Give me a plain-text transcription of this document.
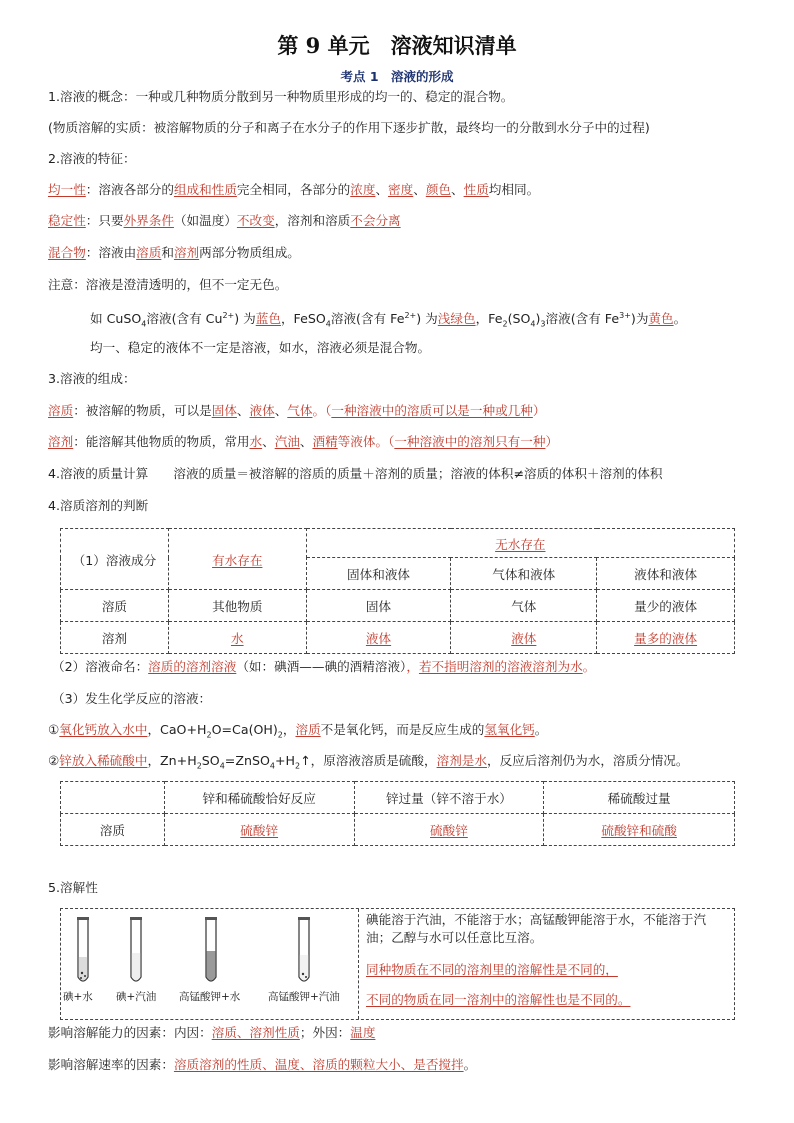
第 9 单元　溶液知识清单
考点 1　溶液的形成
1.溶液的概念：一种或几种物质分散到另一种物质里形成的均一的、稳定的混合物。
(物质溶解的实质：被溶解物质的分子和离子在水分子的作用下逐步扩散，最终均一的分散到水分子中的过程)
2.溶液的特征：
均一性：溶液各部分的组成和性质完全相同，各部分的浓度、密度、颜色、性质均相同。
稳定性：只要外界条件（如温度）不改变，溶剂和溶质不会分离
混合物：溶液由溶质和溶剂两部分物质组成。
注意：溶液是澄清透明的，但不一定无色。
如 CuSO$_4$溶液(含有 $Cu^{2+}$) 为蓝色，FeSO$_4$溶液(含有 $Fe^{2+}$) 为浅绿色，$Fe_2(SO_4)_3$溶液(含有 $Fe^{3+}$)为黄色。
均一、稳定的液体不一定是溶液，如水，溶液必须是混合物。
3.溶液的组成：
溶质：被溶解的物质，可以是固体、液体、气体。（一种溶液中的溶质可以是一种或几种）
溶剂：能溶解其他物质的物质，常用水、汽油、酒精等液体。（一种溶液中的溶剂只有一种）
4.溶液的质量计算　　溶液的质量＝被溶解的溶质的质量＋溶剂的质量；溶液的体积≠溶质的体积＋溶剂的体积
4.溶质溶剂的判断
（1）溶液成分	有水存在	无水存在		
		固体和液体	气体和液体	液体和液体
溶质	其他物质	固体	气体	量少的液体
溶剂	水	液体	液体	量多的液体
（2）溶液命名：溶质的溶剂溶液（如：碘酒——碘的酒精溶液），若不指明溶剂的溶液溶剂为水。
（3）发生化学反应的溶液：
①氧化钙放入水中，$CaO+H_2O=Ca(OH)_2$，溶质不是氧化钙，而是反应生成的氢氧化钙。
②锌放入稀硫酸中，$Zn+H_2SO_4=ZnSO_4+H_2↑$，原溶液溶质是硫酸，溶剂是水，反应后溶剂仍为水，溶质分情况。
	锌和稀硫酸恰好反应	锌过量（锌不溶于水）	稀硫酸过量
溶质	硫酸锌	硫酸锌	硫酸锌和硫酸
5.溶解性
碘+水 碘+汽油 高锰酸钾+水	高锰酸钾+汽油
碘能溶于汽油，不能溶于水；高锰酸钾能溶于水，不能溶于汽油；乙醇与水可以任意比互溶。
同种物质在不同的溶剂里的溶解性是不同的，
不同的物质在同一溶剂中的溶解性也是不同的。
影响溶解能力的因素：内因：溶质、溶剂性质；外因：温度
影响溶解速率的因素：溶质溶剂的性质、温度、溶质的颗粒大小、是否搅拌。
